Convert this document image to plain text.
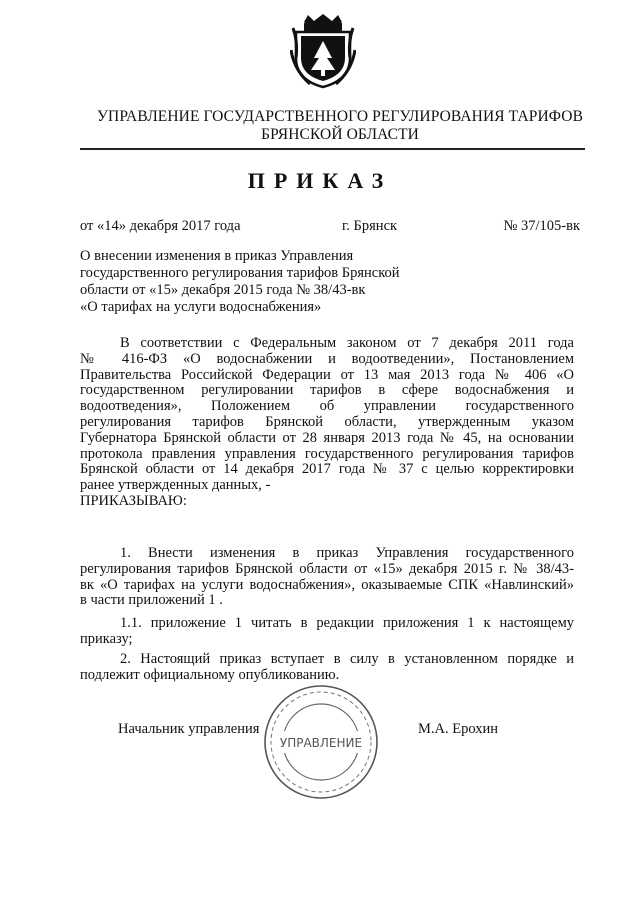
УПРАВЛЕНИЕ ГОСУДАРСТВЕННОГО РЕГУЛИРОВАНИЯ ТАРИФОВ
БРЯНСКОЙ ОБЛАСТИ
ПРИКАЗ
от «14» декабря 2017 года	г. Брянск	№ 37/105-вк
О внесении изменения в приказ Управления
государственного регулирования тарифов Брянской
области от «15» декабря 2015 года № 38/43-вк
«О тарифах на услуги водоснабжения»
В соответствии с Федеральным законом от 7 декабря 2011 года
№ 416-ФЗ «О водоснабжении и водоотведении», Постановлением
Правительства Российской Федерации от 13 мая 2013 года № 406 «О
государственном регулировании тарифов в сфере водоснабжения и
водоотведения», Положением об управлении государственного
регулирования тарифов Брянской области, утвержденным указом
Губернатора Брянской области от 28 января 2013 года № 45, на основании
протокола правления управления государственного регулирования тарифов
Брянской области от 14 декабря 2017 года № 37 с целью корректировки
ранее утвержденных данных, -
ПРИКАЗЫВАЮ:
1. Внести изменения в приказ Управления государственного
регулирования тарифов Брянской области от «15» декабря 2015 г. № 38/43-
вк «О тарифах на услуги водоснабжения», оказываемые СПК «Навлинский»
в части приложений 1 .
1.1. приложение 1 читать в редакции приложения 1 к настоящему
приказу;
2. Настоящий приказ вступает в силу в установленном порядке и
подлежит официальному опубликованию.
УПРАВЛЕНИЕ
Начальник управления	М.А. Ерохин
